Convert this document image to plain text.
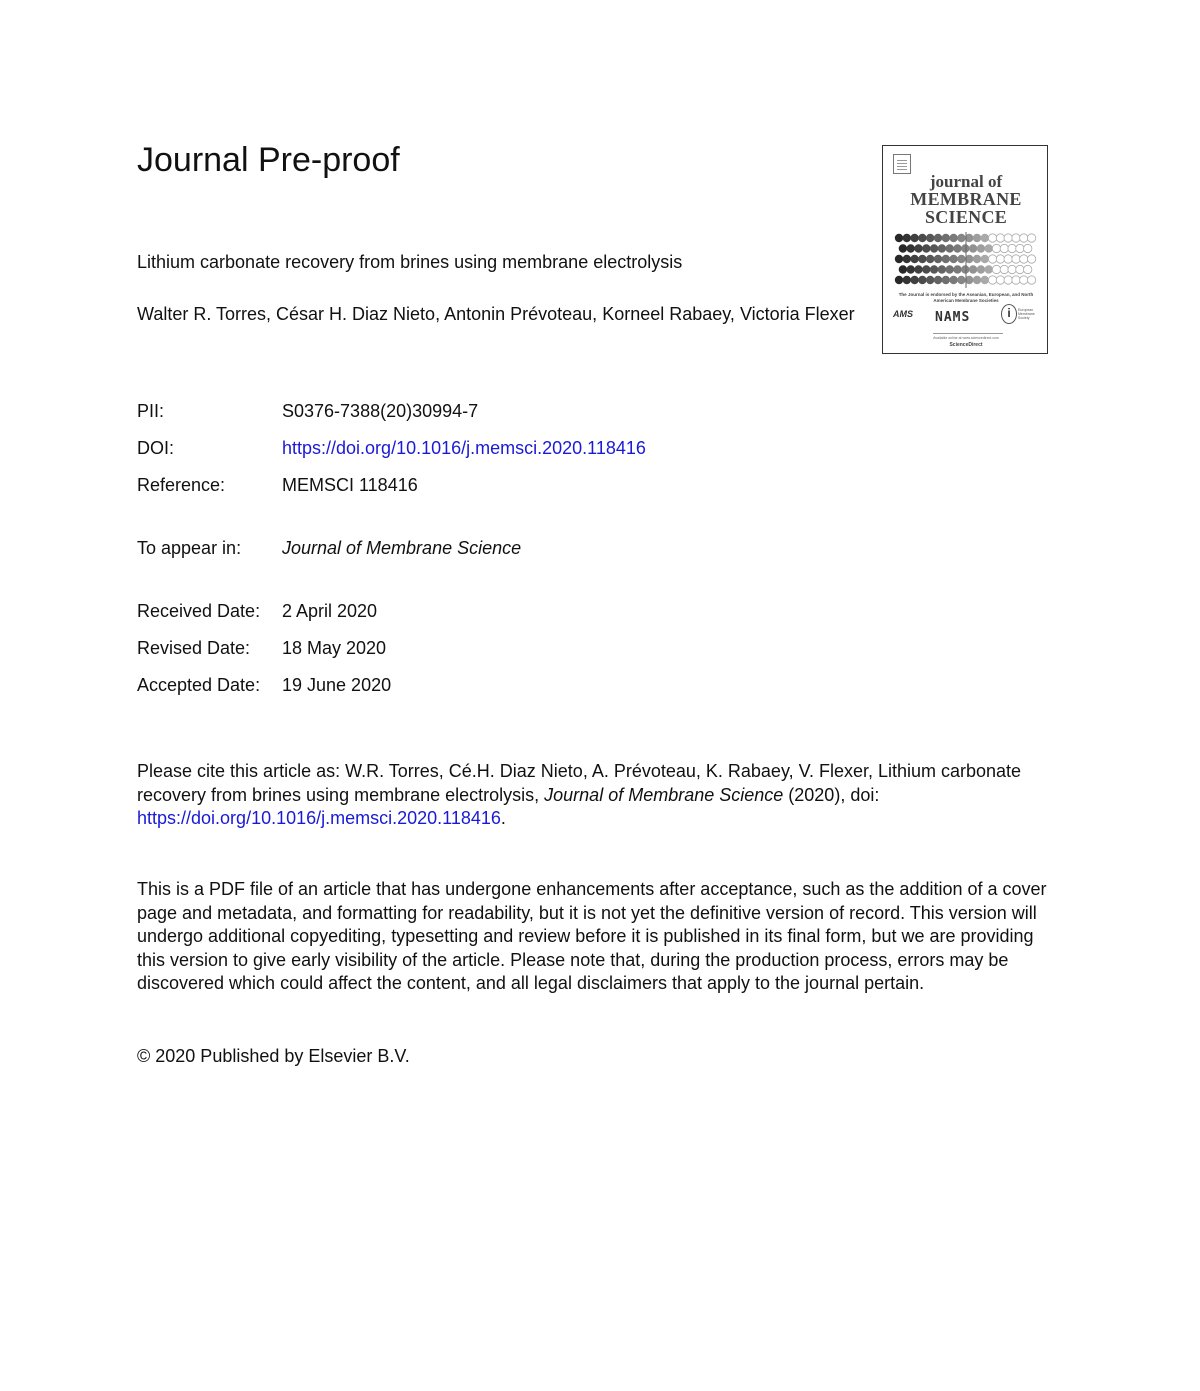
Journal Pre-proof
Lithium carbonate recovery from brines using membrane electrolysis
Walter R. Torres, César H. Diaz Nieto, Antonin Prévoteau, Korneel Rabaey, Victoria Flexer
journal of
MEMBRANE
SCIENCE
The Journal is endorsed by the Aseanian, European, and North American Membrane Societies
AMS NAMS	i	European Membrane Society
Available online at www.sciencedirect.com
ScienceDirect
PII:	S0376-7388(20)30994-7
DOI:	https://doi.org/10.1016/j.memsci.2020.118416
Reference:	MEMSCI 118416
To appear in: Journal of Membrane Science
Received Date: 2 April 2020
Revised Date: 18 May 2020
Accepted Date: 19 June 2020
Please cite this article as: W.R. Torres, Cé.H. Diaz Nieto, A. Prévoteau, K. Rabaey, V. Flexer, Lithium carbonate recovery from brines using membrane electrolysis, Journal of Membrane Science (2020), doi: https://doi.org/10.1016/j.memsci.2020.118416.
This is a PDF file of an article that has undergone enhancements after acceptance, such as the addition of a cover page and metadata, and formatting for readability, but it is not yet the definitive version of record. This version will undergo additional copyediting, typesetting and review before it is published in its final form, but we are providing this version to give early visibility of the article. Please note that, during the production process, errors may be discovered which could affect the content, and all legal disclaimers that apply to the journal pertain.
© 2020 Published by Elsevier B.V.
